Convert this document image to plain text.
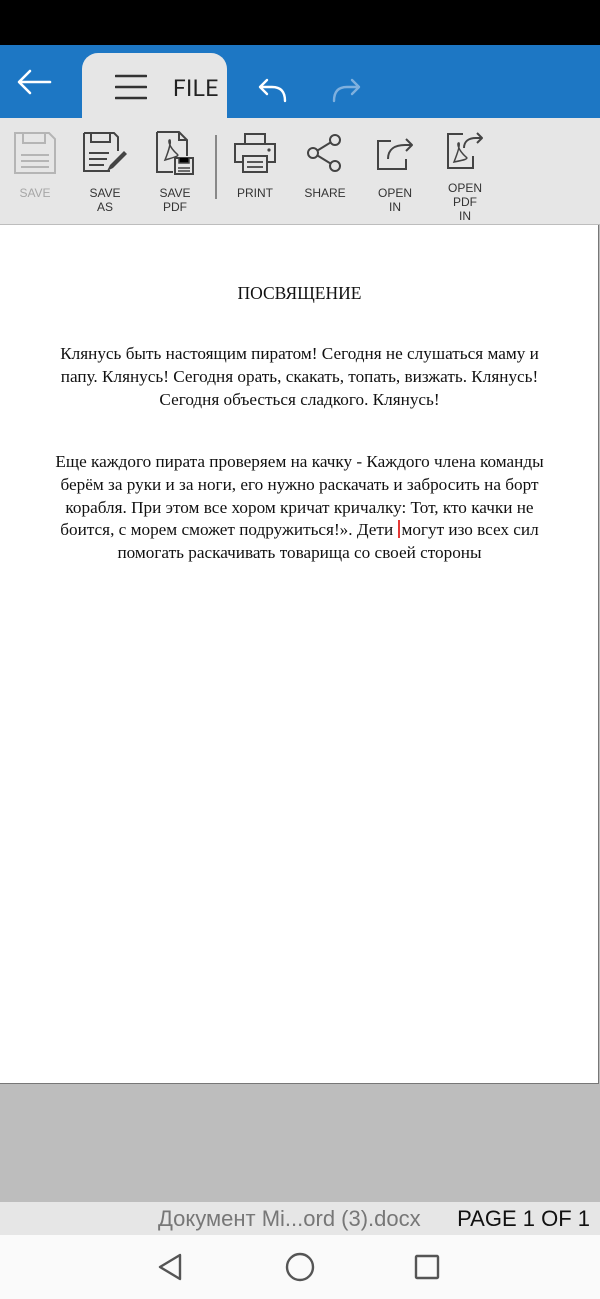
FILE
SAVE	SAVE
AS
SAVE
PDF
PRINT	SHARE	OPEN
IN
OPEN
PDF
IN
ПОСВЯЩЕНИЕ
Клянусь быть настоящим пиратом! Сегодня не слушаться маму и папу. Клянусь! Сегодня орать, скакать, топать, визжать. Клянусь! Сегодня объесться сладкого. Клянусь!
Еще каждого пирата проверяем на качку - Каждого члена команды берём за руки и за ноги, его нужно раскачать и забросить на борт корабля. При этом все хором кричат кричалку: Тот, кто качки не боится, с морем сможет подружиться!». Дети могут изо всех сил помогать раскачивать товарища со своей стороны
Документ Mi...ord (3).docx PAGE 1 OF 1
